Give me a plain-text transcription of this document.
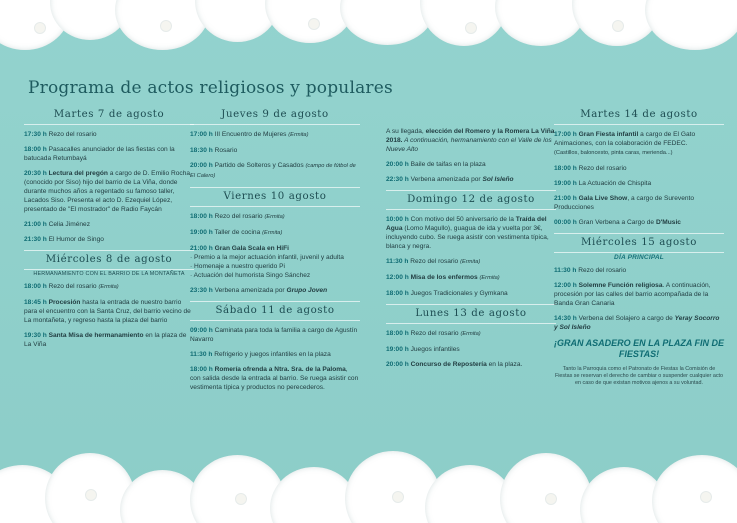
Programa de actos religiosos y populares
Martes 7 de agosto
17:30 h Rezo del rosario
18:00 h Pasacalles anunciador de las fiestas con la batucada Retumbayá
20:30 h Lectura del pregón a cargo de D. Emilio Rocha, (conocido por Siso) hijo del barrio de La Viña, donde durante muchos años a regentado su famoso taller, Lacados Siso. Presenta el acto D. Ezequiel López, presentado de "El mostrador" de Radio Faycán
21:00 h Celia Jiménez
21:30 h El Humor de Singo
Miércoles 8 de agosto
HERMANAMIENTO CON EL BARRIO DE LA MONTAÑETA
18:00 h Rezo del rosario (Ermita)
18:45 h Procesión hasta la entrada de nuestro barrio para el encuentro con la Santa Cruz, del barrio vecino de La montañeta, y regreso hasta la plaza del barrio
19:30 h Santa Misa de hermanamiento en la plaza de La Viña
Jueves 9 de agosto
17:00 h III Encuentro de Mujeres (Ermita)
18:30 h Rosario
20:00 h Partido de Solteros y Casados (campo de fútbol de El Calero)
Viernes 10 agosto
18:00 h Rezo del rosario (Ermita)
19:00 h Taller de cocina (Ermita)
21:00 h Gran Gala Scala en HiFi
· Premio a la mejor actuación infantil, juvenil y adulta
· Homenaje a nuestro querido Pi
· Actuación del humorista Singo Sánchez
23:30 h Verbena amenizada por Grupo Joven
Sábado 11 de agosto
09:00 h Caminata para toda la familia a cargo de Agustín Navarro
11:30 h Refrigerio y juegos infantiles en la plaza
18:00 h Romería ofrenda a Ntra. Sra. de la Paloma, con salida desde la entrada al barrio. Se ruega asistir con vestimenta típica y productos no perecederos.
A su llegada, elección del Romero y la Romera La Viña 2018. A continuación, hermanamiento con el Valle de los Nueve Alto
20:00 h Baile de taifas en la plaza
22:30 h Verbena amenizada por Sol Isleño
Domingo 12 de agosto
10:00 h Con motivo del 50 aniversario de la Traída del Agua (Lomo Magullo), guagua de ida y vuelta por 3€, incluyendo cubo. Se ruega asistir con vestimenta típica, blanca y negra.
11:30 h Rezo del rosario (Ermita)
12:00 h Misa de los enfermos (Ermita)
18:00 h Juegos Tradicionales y Gymkana
Lunes 13 de agosto
18:00 h Rezo del rosario (Ermita)
19:00 h Juegos infantiles
20:00 h Concurso de Repostería en la plaza.
Martes 14 de agosto
17:00 h Gran Fiesta infantil a cargo de El Gato Animaciones, con la colaboración de FEDEC.
(Castillos, baloncesto, pinta caras, merienda...)
18:00 h Rezo del rosario
19:00 h La Actuación de Chispita
21:00 h Gala Live Show, a cargo de Surevento Producciones
00:00 h Gran Verbena a Cargo de D'Music
Miércoles 15 agosto
DÍA PRINCIPAL
11:30 h Rezo del rosario
12:00 h Solemne Función religiosa. A continuación, procesión por las calles del barrio acompañada de la Banda Gran Canaria
14:30 h Verbena del Solajero a cargo de Yeray Socorro y Sol Isleño
¡GRAN ASADERO EN LA PLAZA FIN DE FIESTAS!
Tanto la Parroquia como el Patronato de Fiestas la Comisión de Fiestas se reservan el derecho de cambiar o suspender cualquier acto en caso de que existan motivos ajenos a su voluntad.
